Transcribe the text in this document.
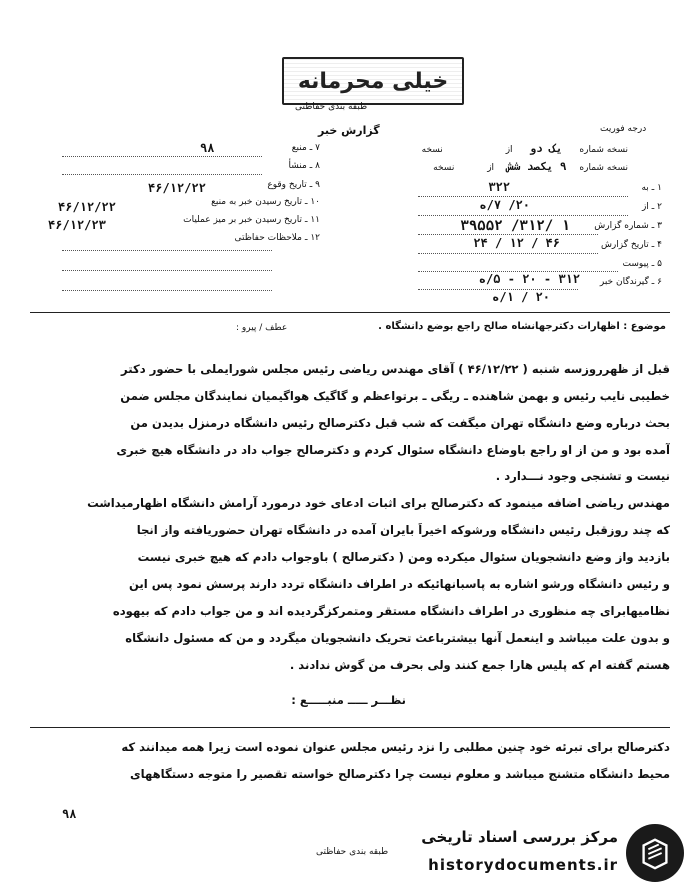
خیلی محرمانه
طبقه بندی حفاظتی
درجه فوریت
گزارش خبر
نسخه شماره یک دو از نسخه
نسخه شماره ۹ یکصد شش از نسخه
۱ ـ به
۳۲۲
۲ ـ از
۲۰/ ۷/ه
۳ ـ شماره گزارش
۳۹۵۵۲ /۳۱۲/ ۱
۴ ـ تاریخ گزارش
۲۴ / ۱۲ / ۴۶
۵ ـ پیوست
۶ ـ گیرندگان خبر
۳۱۲ - ۲۰ - ۵/ه
۲۰ / ۱/ه
۷ ـ منبع
۹۸
۸ ـ منشأ
۹ ـ تاریخ وقوع
۴۶/۱۲/۲۲
۱۰ ـ تاریخ رسیدن خبر به منبع
۴۶/۱۲/۲۲
۱۱ ـ تاریخ رسیدن خبر بر میز عملیات
۴۶/۱۲/۲۳
۱۲ ـ ملاحظات حفاظتی
موضوع : اظهارات دکترجهانشاه صالح راجع بوضع دانشگاه .
عطف / پیرو :
قبل از ظهرروزسه شنبه ( ۴۶/۱۲/۲۲ ) آقای مهندس ریاضی رئیس مجلس شورایملی با حضور دکتر
خطیبی نایب رئیس و بهمن شاهنده ـ ریگی ـ برتواعظم و گاگیک هواگیمیان نمایندگان مجلس ضمن
بحث درباره وضع دانشگاه تهران میگفت که شب قبل دکترصالح رئیس دانشگاه درمنزل بدیدن من
آمده بود و من از او راجع باوضاع دانشگاه سئوال کردم و دکترصالح جواب داد در دانشگاه هیچ خبری
نیست و تشنجی وجود نـــدارد .
مهندس ریاضی اضافه مینمود که دکترصالح برای اثبات ادعای خود درمورد آرامش دانشگاه اظهارمیداشت
که چند روزقبل رئیس دانشگاه ورشوکه اخیراً بایران آمده در دانشگاه تهران حضوریافته واز انجا
بازدید واز وضع دانشجویان سئوال میکرده ومن ( دکترصالح ) باوجواب دادم که هیچ خبری نیست
و رئیس دانشگاه ورشو اشاره به پاسبانهائیکه در اطراف دانشگاه تردد دارند پرسش نمود پس این
نظامیهابرای چه منظوری در اطراف دانشگاه مستقر ومتمرکزگردیده اند و من جواب دادم که بیهوده
و بدون علت میباشد و اینعمل آنها بیشترباعث تحریک دانشجویان میگردد و من که مسئول دانشگاه
هستم گفته ام که پلیس هارا جمع کنند ولی بحرف من گوش ندادند .
نظـــر ـــــ منبـــــع :
دکترصالح برای تبرئه خود چنین مطلبی را نزد رئیس مجلس عنوان نموده است زیرا همه میدانند که
محیط دانشگاه متشنج میباشد و معلوم نیست چرا دکترصالح خواسته تقصیر را متوجه دستگاههای
۹۸
طبقه بندی حفاظتی
مرکز بررسی اسناد تاریخی
historydocuments.ir
